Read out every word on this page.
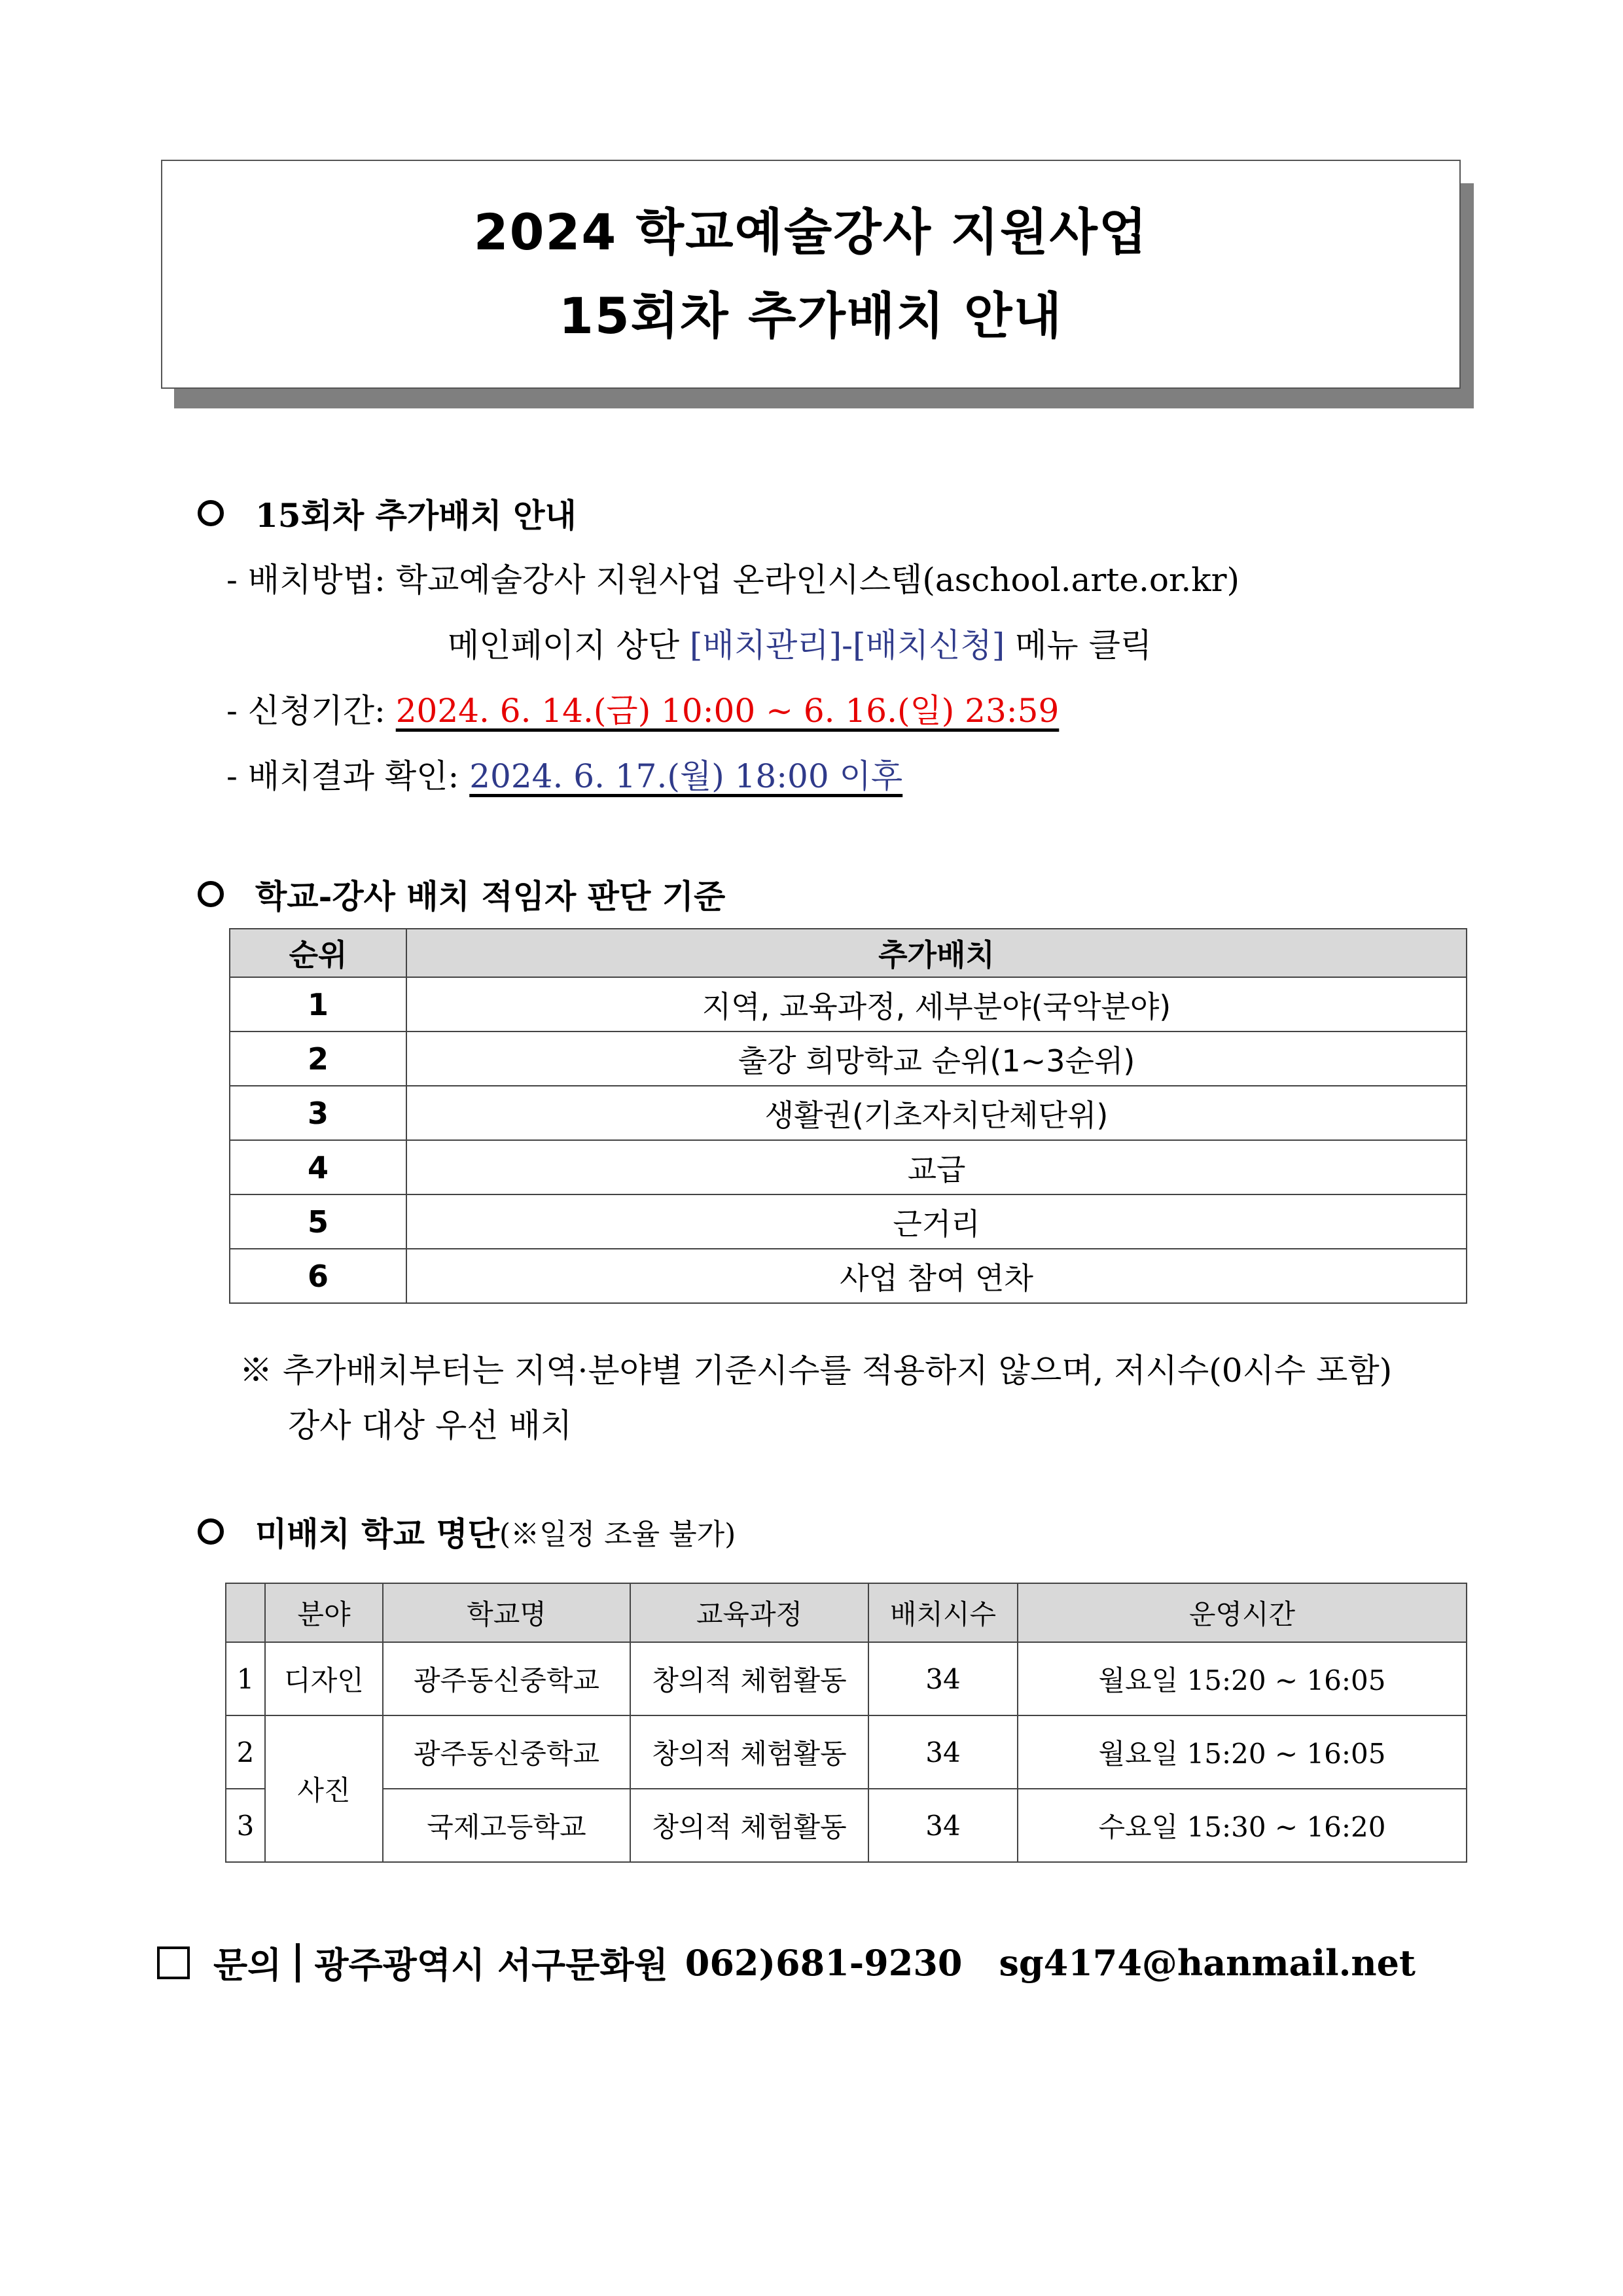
2024 학교예술강사 지원사업
15회차 추가배치 안내
15회차 추가배치 안내
- 배치방법: 학교예술강사 지원사업 온라인시스템(aschool.arte.or.kr)
메인페이지 상단 [배치관리]-[배치신청] 메뉴 클릭
- 신청기간: 2024. 6. 14.(금) 10:00 ~ 6. 16.(일) 23:59
- 배치결과 확인: 2024. 6. 17.(월) 18:00 이후
학교-강사 배치 적임자 판단 기준
순위	추가배치
1	지역, 교육과정, 세부분야(국악분야)
2	출강 희망학교 순위(1~3순위)
3	생활권(기초자치단체단위)
4	교급
5	근거리
6	사업 참여 연차
※ 추가배치부터는 지역·분야별 기준시수를 적용하지 않으며, 저시수(0시수 포함)
강사 대상 우선 배치
미배치 학교 명단 (※일정 조율 불가)
	분야	학교명	교육과정	배치시수	운영시간
1	디자인	광주동신중학교	창의적 체험활동	34	월요일 15:20 ~ 16:05
2	사진	광주동신중학교	창의적 체험활동	34	월요일 15:20 ~ 16:05
3		국제고등학교	창의적 체험활동	34	수요일 15:30 ~ 16:20
문의 광주광역시 서구문화원 062)681-9230 sg4174@hanmail.net
